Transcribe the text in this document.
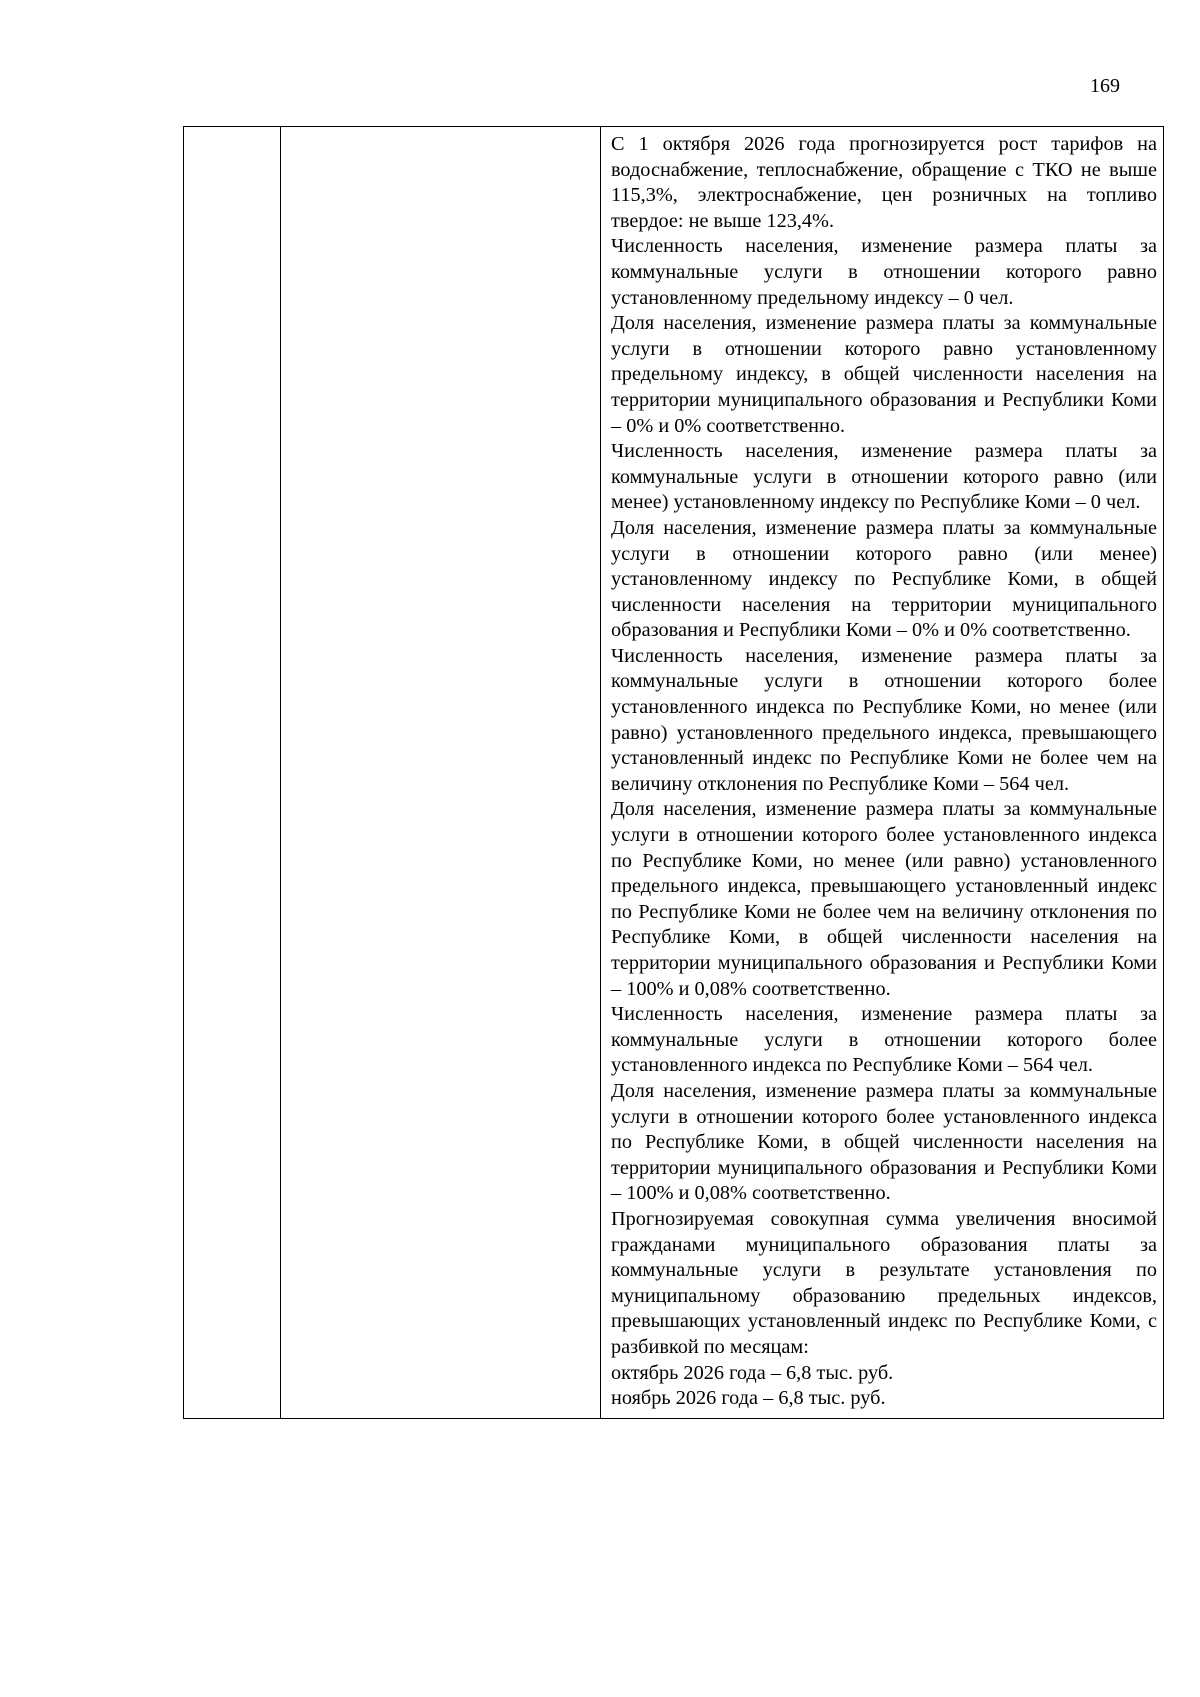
169

С 1 октября 2026 года прогнозируется рост тарифов на водоснабжение, теплоснабжение, обращение с ТКО не выше 115,3%, электроснабжение, цен розничных на топливо твердое: не выше 123,4%.

Численность населения, изменение размера платы за коммунальные услуги в отношении которого равно установленному предельному индексу – 0 чел.

Доля населения, изменение размера платы за коммунальные услуги в отношении которого равно установленному предельному индексу, в общей численности населения на территории муниципального образования и Республики Коми – 0% и 0% соответственно.

Численность населения, изменение размера платы за коммунальные услуги в отношении которого равно (или менее) установленному индексу по Республике Коми – 0 чел.

Доля населения, изменение размера платы за коммунальные услуги в отношении которого равно (или менее) установленному индексу по Республике Коми, в общей численности населения на территории муниципального образования и Республики Коми – 0% и 0% соответственно.

Численность населения, изменение размера платы за коммунальные услуги в отношении которого более установленного индекса по Республике Коми, но менее (или равно) установленного предельного индекса, превышающего установленный индекс по Республике Коми не более чем на величину отклонения по Республике Коми – 564 чел.

Доля населения, изменение размера платы за коммунальные услуги в отношении которого более установленного индекса по Республике Коми, но менее (или равно) установленного предельного индекса, превышающего установленный индекс по Республике Коми не более чем на величину отклонения по Республике Коми, в общей численности населения на территории муниципального образования и Республики Коми – 100% и 0,08% соответственно.

Численность населения, изменение размера платы за коммунальные услуги в отношении которого более установленного индекса по Республике Коми – 564 чел.

Доля населения, изменение размера платы за коммунальные услуги в отношении которого более установленного индекса по Республике Коми, в общей численности населения на территории муниципального образования и Республики Коми – 100% и 0,08% соответственно.

Прогнозируемая совокупная сумма увеличения вносимой гражданами муниципального образования платы за коммунальные услуги в результате установления по муниципальному образованию предельных индексов, превышающих установленный индекс по Республике Коми, с разбивкой по месяцам:

октябрь 2026 года – 6,8 тыс. руб.

ноябрь 2026 года – 6,8 тыс. руб.
